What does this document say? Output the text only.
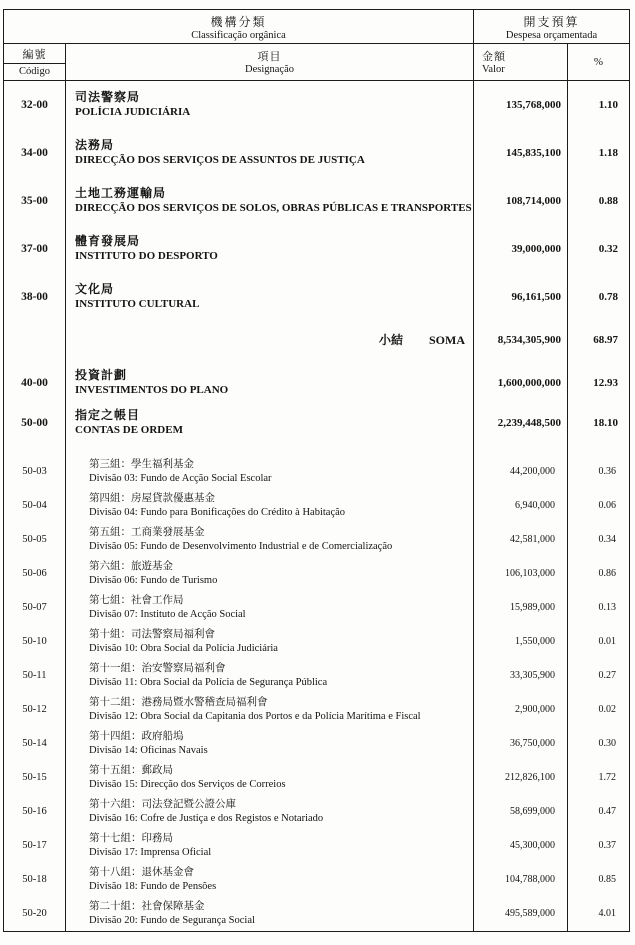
機構分類
Classificação orgânica
開支預算
Despesa orçamentada
編號
Código
項目
Designação
金額
Valor
%
32-00
司法警察局
POLÍCIA JUDICIÁRIA
135,768,000	1.10
34-00
法務局
DIRECÇÃO DOS SERVIÇOS DE ASSUNTOS DE JUSTIÇA
145,835,100	1.18
35-00
土地工務運輸局
DIRECÇÃO DOS SERVIÇOS DE SOLOS, OBRAS PÚBLICAS E TRANSPORTES
108,714,000	0.88
37-00
體育發展局
INSTITUTO DO DESPORTO
39,000,000	0.32
38-00
文化局
INSTITUTO CULTURAL
96,161,500	0.78
小結 SOMA	8,534,305,900	68.97
40-00
投資計劃
INVESTIMENTOS DO PLANO
1,600,000,000	12.93
50-00
指定之帳目
CONTAS DE ORDEM
2,239,448,500	18.10
50-03
第三組：學生福利基金
Divisão 03: Fundo de Acção Social Escolar
44,200,000	0.36
50-04
第四組：房屋貸款優惠基金
Divisão 04: Fundo para Bonificações do Crédito à Habitação
6,940,000	0.06
50-05
第五組：工商業發展基金
Divisão 05: Fundo de Desenvolvimento Industrial e de Comercialização
42,581,000	0.34
50-06
第六組：旅遊基金
Divisão 06: Fundo de Turismo
106,103,000	0.86
50-07
第七組：社會工作局
Divisão 07: Instituto de Acção Social
15,989,000	0.13
50-10
第十組：司法警察局福利會
Divisão 10: Obra Social da Polícia Judiciária
1,550,000	0.01
50-11
第十一組：治安警察局福利會
Divisão 11: Obra Social da Polícia de Segurança Pública
33,305,900	0.27
50-12
第十二組：港務局暨水警稽查局福利會
Divisão 12: Obra Social da Capitania dos Portos e da Polícia Marítima e Fiscal
2,900,000	0.02
50-14
第十四組：政府船塢
Divisão 14: Oficinas Navais
36,750,000	0.30
50-15
第十五組：郵政局
Divisão 15: Direcção dos Serviços de Correios
212,826,100	1.72
50-16
第十六組：司法登記暨公證公庫
Divisão 16: Cofre de Justiça e dos Registos e Notariado
58,699,000	0.47
50-17
第十七組：印務局
Divisão 17: Imprensa Oficial
45,300,000	0.37
50-18
第十八組：退休基金會
Divisão 18: Fundo de Pensões
104,788,000	0.85
50-20
第二十組：社會保障基金
Divisão 20: Fundo de Segurança Social
495,589,000	4.01
